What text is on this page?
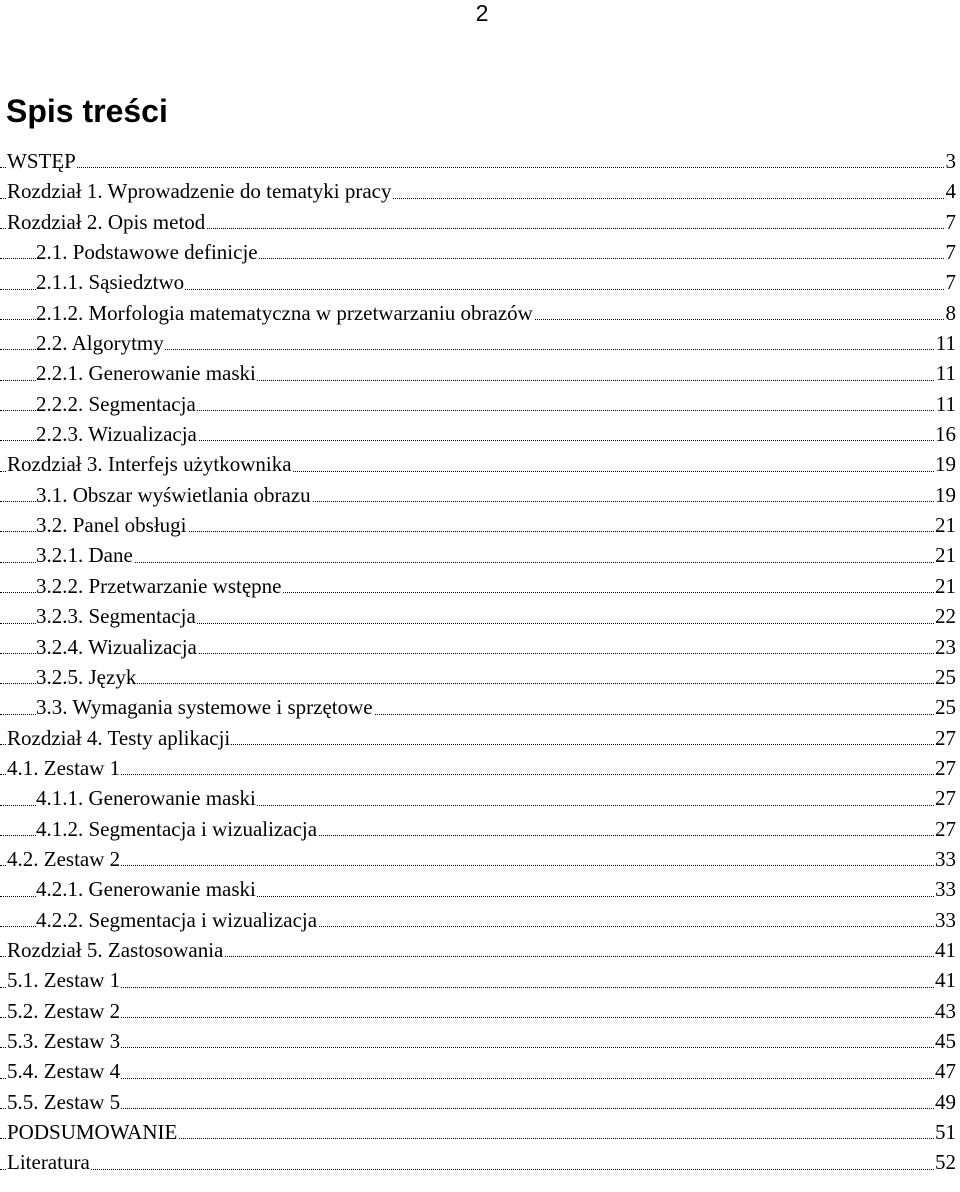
2
Spis treści
WSTĘP	3
Rozdział 1. Wprowadzenie do tematyki pracy	4
Rozdział 2. Opis metod	7
2.1. Podstawowe definicje	7
2.1.1. Sąsiedztwo	7
2.1.2. Morfologia matematyczna w przetwarzaniu obrazów	8
2.2. Algorytmy	11
2.2.1. Generowanie maski	11
2.2.2. Segmentacja	11
2.2.3. Wizualizacja	16
Rozdział 3. Interfejs użytkownika	19
3.1. Obszar wyświetlania obrazu	19
3.2. Panel obsługi	21
3.2.1. Dane	21
3.2.2. Przetwarzanie wstępne	21
3.2.3. Segmentacja	22
3.2.4. Wizualizacja	23
3.2.5. Język	25
3.3. Wymagania systemowe i sprzętowe	25
Rozdział 4. Testy aplikacji	27
4.1. Zestaw 1	27
4.1.1. Generowanie maski	27
4.1.2. Segmentacja i wizualizacja	27
4.2. Zestaw 2	33
4.2.1. Generowanie maski	33
4.2.2. Segmentacja i wizualizacja	33
Rozdział 5. Zastosowania	41
5.1. Zestaw 1	41
5.2. Zestaw 2	43
5.3. Zestaw 3	45
5.4. Zestaw 4	47
5.5. Zestaw 5	49
PODSUMOWANIE	51
Literatura	52
